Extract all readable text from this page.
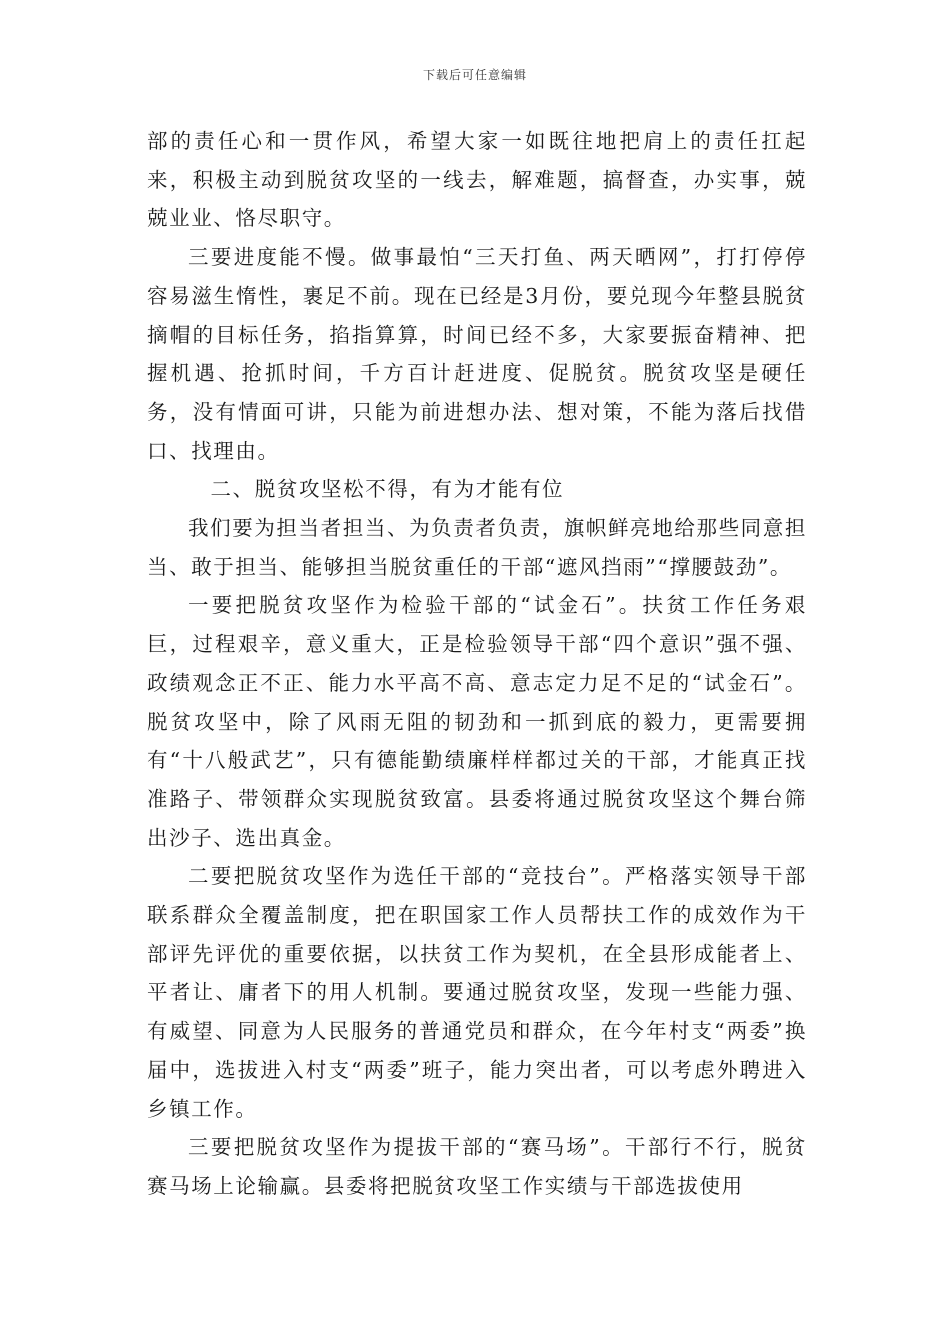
下载后可任意编辑

部的责任心和一贯作风，希望大家一如既往地把肩上的责任扛起来，积极主动到脱贫攻坚的一线去，解难题，搞督查，办实事，兢兢业业、恪尽职守。

三要进度能不慢。做事最怕“三天打鱼、两天晒网”，打打停停容易滋生惰性，裹足不前。现在已经是3月份，要兑现今年整县脱贫摘帽的目标任务，掐指算算，时间已经不多，大家要振奋精神、把握机遇、抢抓时间，千方百计赶进度、促脱贫。脱贫攻坚是硬任务，没有情面可讲，只能为前进想办法、想对策，不能为落后找借口、找理由。

二、脱贫攻坚松不得，有为才能有位

我们要为担当者担当、为负责者负责，旗帜鲜亮地给那些同意担当、敢于担当、能够担当脱贫重任的干部“遮风挡雨”“撑腰鼓劲”。

一要把脱贫攻坚作为检验干部的“试金石”。扶贫工作任务艰巨，过程艰辛，意义重大，正是检验领导干部“四个意识”强不强、政绩观念正不正、能力水平高不高、意志定力足不足的“试金石”。脱贫攻坚中，除了风雨无阻的韧劲和一抓到底的毅力，更需要拥有“十八般武艺”，只有德能勤绩廉样样都过关的干部，才能真正找准路子、带领群众实现脱贫致富。县委将通过脱贫攻坚这个舞台筛出沙子、选出真金。

二要把脱贫攻坚作为选任干部的“竞技台”。严格落实领导干部联系群众全覆盖制度，把在职国家工作人员帮扶工作的成效作为干部评先评优的重要依据，以扶贫工作为契机，在全县形成能者上、平者让、庸者下的用人机制。要通过脱贫攻坚，发现一些能力强、有威望、同意为人民服务的普通党员和群众，在今年村支“两委”换届中，选拔进入村支“两委”班子，能力突出者，可以考虑外聘进入乡镇工作。

三要把脱贫攻坚作为提拔干部的“赛马场”。干部行不行，脱贫赛马场上论输赢。县委将把脱贫攻坚工作实绩与干部选拔使用
